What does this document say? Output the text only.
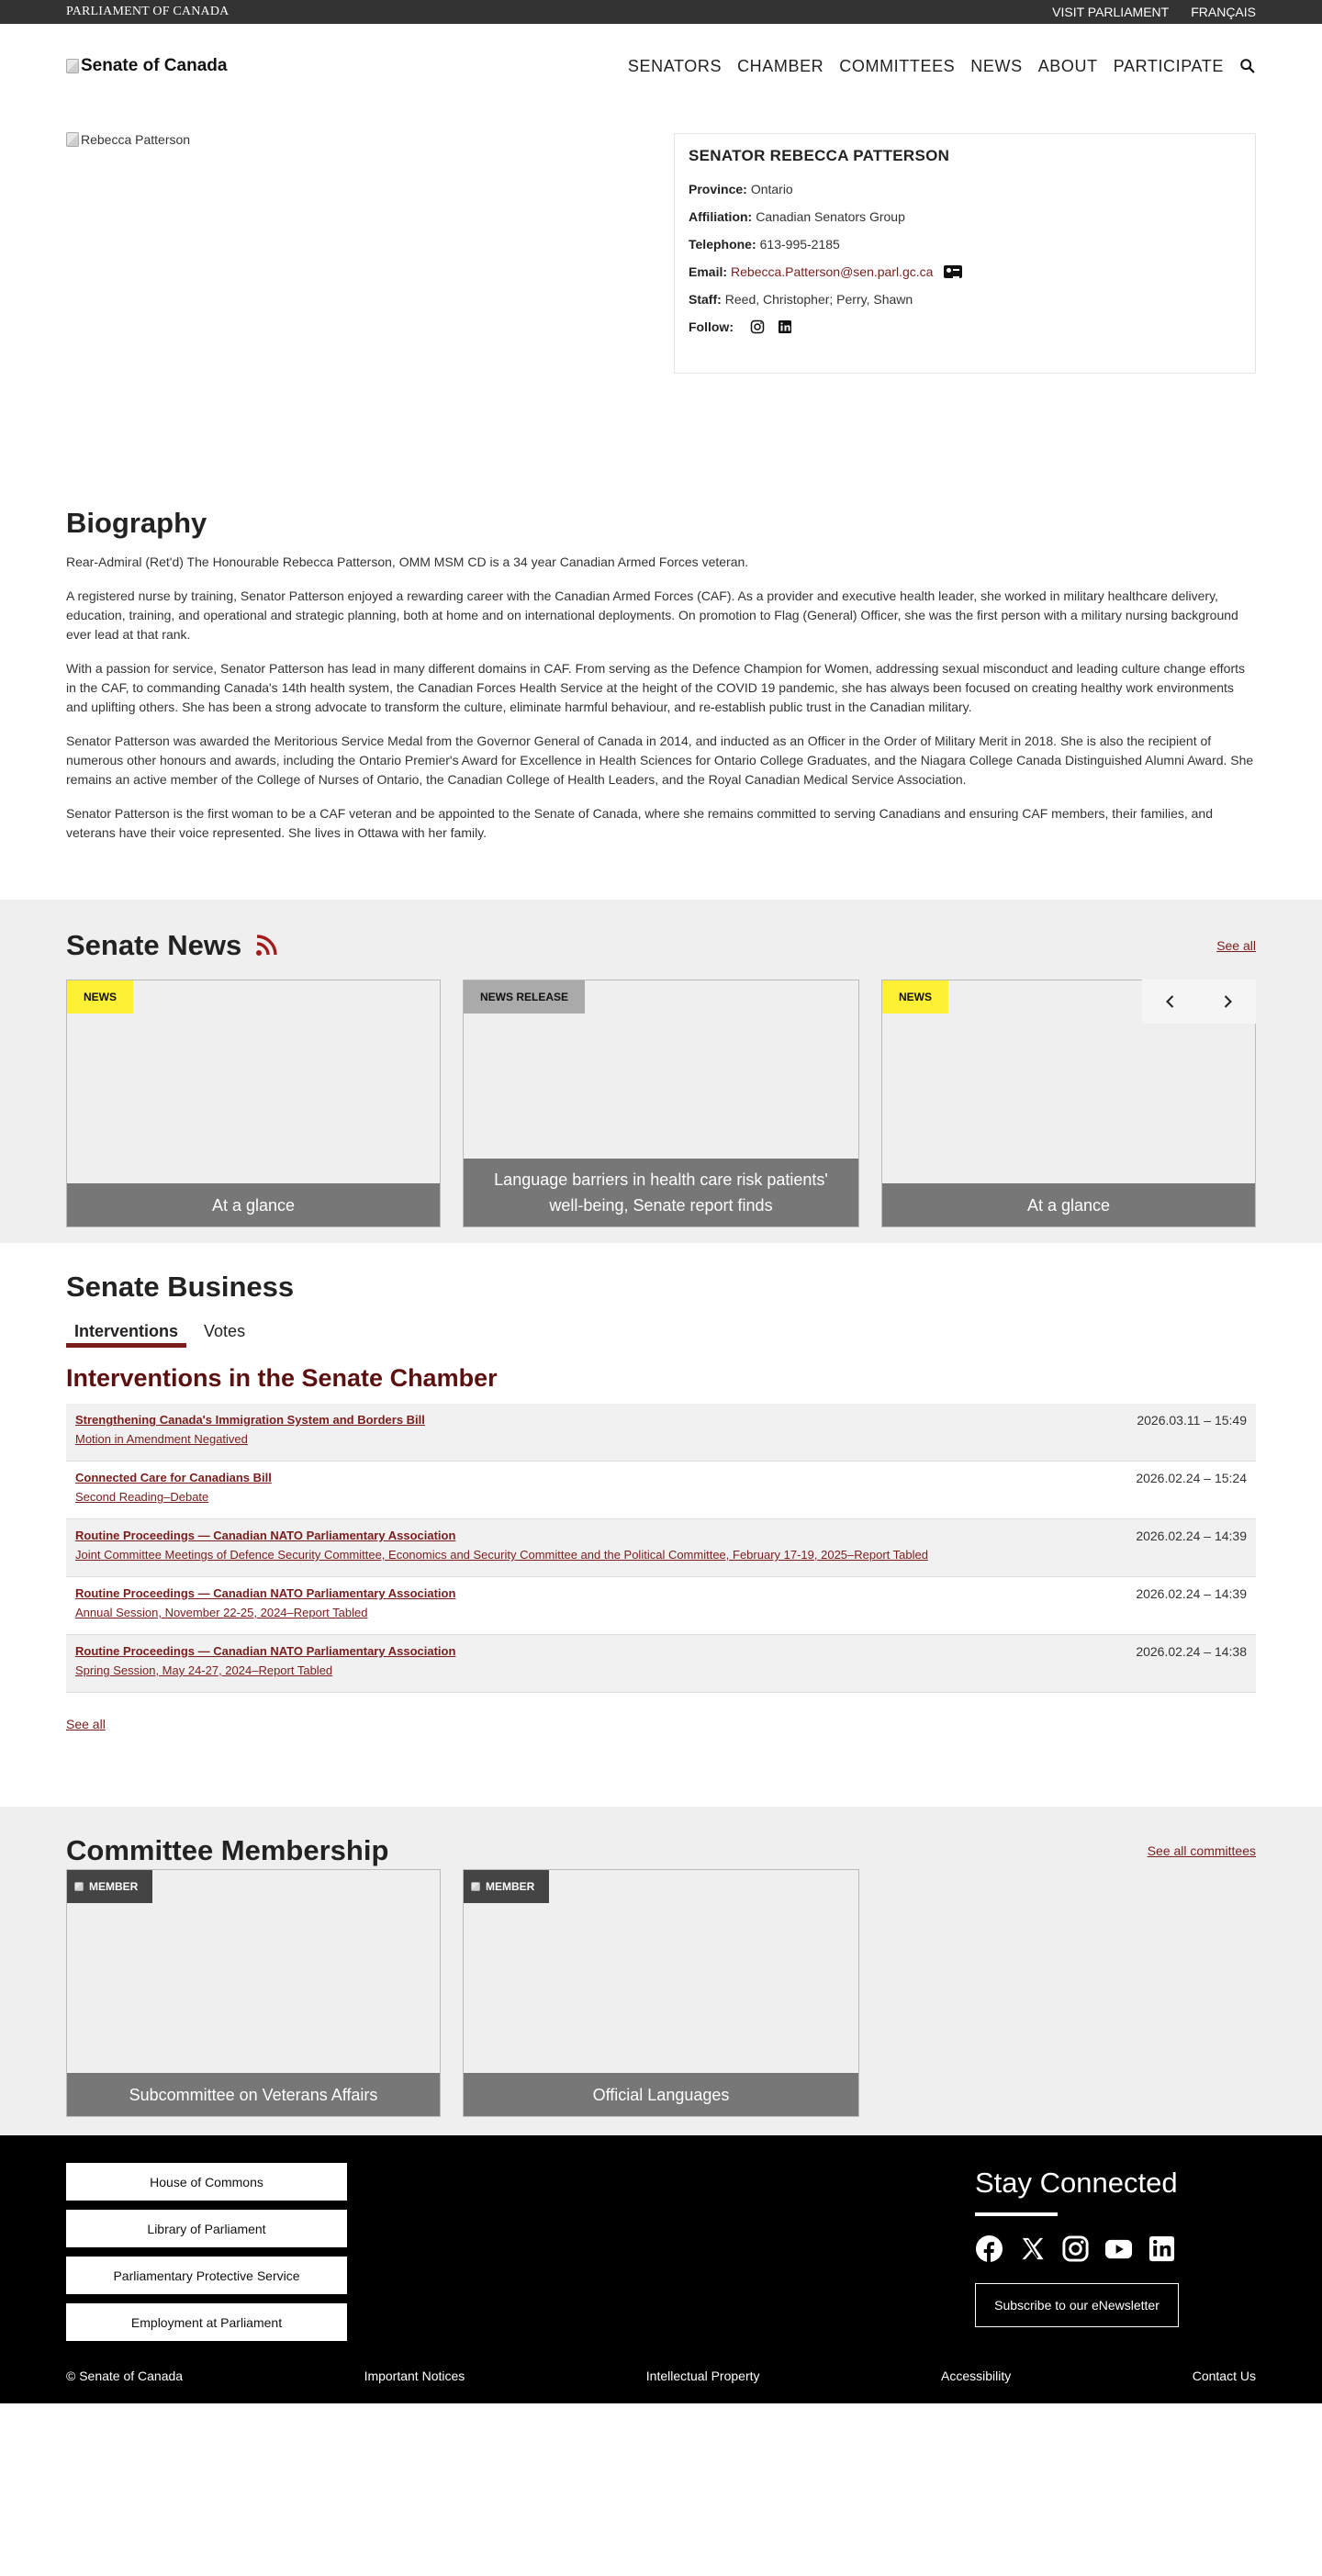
PARLIAMENT OF CANADA	VISIT PARLIAMENT FRANÇAIS
Senate of Canada	SENATORS CHAMBER COMMITTEES NEWS ABOUT PARTICIPATE
Rebecca Patterson
SENATOR REBECCA PATTERSON
Province: Ontario
Affiliation: Canadian Senators Group
Telephone: 613-995-2185
Email: Rebecca.Patterson@sen.parl.gc.ca
Staff: Reed, Christopher; Perry, Shawn
Follow:
Biography

Rear-Admiral (Ret'd) The Honourable Rebecca Patterson, OMM MSM CD is a 34 year Canadian Armed Forces veteran.

A registered nurse by training, Senator Patterson enjoyed a rewarding career with the Canadian Armed Forces (CAF). As a provider and executive health leader, she worked in military healthcare delivery, education, training, and operational and strategic planning, both at home and on international deployments. On promotion to Flag (General) Officer, she was the first person with a military nursing background ever lead at that rank.

With a passion for service, Senator Patterson has lead in many different domains in CAF. From serving as the Defence Champion for Women, addressing sexual misconduct and leading culture change efforts in the CAF, to commanding Canada's 14th health system, the Canadian Forces Health Service at the height of the COVID 19 pandemic, she has always been focused on creating healthy work environments and uplifting others. She has been a strong advocate to transform the culture, eliminate harmful behaviour, and re-establish public trust in the Canadian military.

Senator Patterson was awarded the Meritorious Service Medal from the Governor General of Canada in 2014, and inducted as an Officer in the Order of Military Merit in 2018. She is also the recipient of numerous other honours and awards, including the Ontario Premier's Award for Excellence in Health Sciences for Ontario College Graduates, and the Niagara College Canada Distinguished Alumni Award. She remains an active member of the College of Nurses of Ontario, the Canadian College of Health Leaders, and the Royal Canadian Medical Service Association.

Senator Patterson is the first woman to be a CAF veteran and be appointed to the Senate of Canada, where she remains committed to serving Canadians and ensuring CAF members, their families, and veterans have their voice represented. She lives in Ottawa with her family.

Senate News	See all
NEWS
At a glance
NEWS RELEASE
Language barriers in health care risk patients' well-being, Senate report finds
NEWS
At a glance
Senate Business
Interventions	Votes
Interventions in the Senate Chamber
Strengthening Canada's Immigration System and Borders Bill
Motion in Amendment Negatived
2026.03.11 – 15:49
Connected Care for Canadians Bill
Second Reading–Debate
2026.02.24 – 15:24
Routine Proceedings — Canadian NATO Parliamentary Association
Joint Committee Meetings of Defence Security Committee, Economics and Security Committee and the Political Committee, February 17-19, 2025–Report Tabled
2026.02.24 – 14:39
Routine Proceedings — Canadian NATO Parliamentary Association
Annual Session, November 22-25, 2024–Report Tabled
2026.02.24 – 14:39
Routine Proceedings — Canadian NATO Parliamentary Association
Spring Session, May 24-27, 2024–Report Tabled
2026.02.24 – 14:38
See all
Committee Membership	See all committees
MEMBER
Subcommittee on Veterans Affairs
MEMBER
Official Languages
House of Commons
Library of Parliament
Parliamentary Protective Service
Employment at Parliament
Stay Connected
Subscribe to our eNewsletter
© Senate of Canada	Important Notices	Intellectual Property	Accessibility	Contact Us
